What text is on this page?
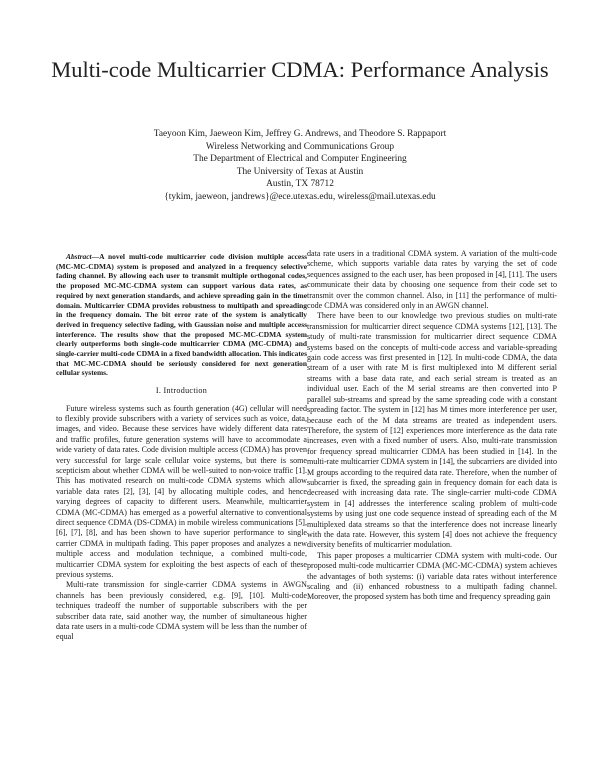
Multi-code Multicarrier CDMA: Performance Analysis
Taeyoon Kim, Jaeweon Kim, Jeffrey G. Andrews, and Theodore S. Rappaport
Wireless Networking and Communications Group
The Department of Electrical and Computer Engineering
The University of Texas at Austin
Austin, TX 78712
{tykim, jaeweon, jandrews}@ece.utexas.edu, wireless@mail.utexas.edu

Abstract—A novel multi-code multicarrier code division multiple access (MC-MC-CDMA) system is proposed and analyzed in a frequency selective fading channel. By allowing each user to transmit multiple orthogonal codes, the proposed MC-MC-CDMA system can support various data rates, as required by next generation standards, and achieve spreading gain in the time domain. Multicarrier CDMA provides robustness to multipath and spreading in the frequency domain. The bit error rate of the system is analytically derived in frequency selective fading, with Gaussian noise and multiple access interference. The results show that the proposed MC-MC-CDMA system clearly outperforms both single-code multicarrier CDMA (MC-CDMA) and single-carrier multi-code CDMA in a fixed bandwidth allocation. This indicates that MC-MC-CDMA should be seriously considered for next generation cellular systems.

I. Introduction

Future wireless systems such as fourth generation (4G) cellular will need to flexibly provide subscribers with a variety of services such as voice, data, images, and video. Because these services have widely different data rates and traffic profiles, future generation systems will have to accommodate a wide variety of data rates. Code division multiple access (CDMA) has proven very successful for large scale cellular voice systems, but there is some scepticism about whether CDMA will be well-suited to non-voice traffic [1]. This has motivated research on multi-code CDMA systems which allow variable data rates [2], [3], [4] by allocating multiple codes, and hence varying degrees of capacity to different users. Meanwhile, multicarrier CDMA (MC-CDMA) has emerged as a powerful alternative to conventional direct sequence CDMA (DS-CDMA) in mobile wireless communications [5], [6], [7], [8], and has been shown to have superior performance to single carrier CDMA in multipath fading. This paper proposes and analyzes a new multiple access and modulation technique, a combined multi-code, multicarrier CDMA system for exploiting the best aspects of each of these previous systems.

Multi-rate transmission for single-carrier CDMA systems in AWGN channels has been previously considered, e.g. [9], [10]. Multi-code techniques tradeoff the number of supportable subscribers with the per subscriber data rate, said another way, the number of simultaneous higher data rate users in a multi-code CDMA system will be less than the number of equal

data rate users in a traditional CDMA system. A variation of the multi-code scheme, which supports variable data rates by varying the set of code sequences assigned to the each user, has been proposed in [4], [11]. The users communicate their data by choosing one sequence from their code set to transmit over the common channel. Also, in [11] the performance of multi-code CDMA was considered only in an AWGN channel.

There have been to our knowledge two previous studies on multi-rate transmission for multicarrier direct sequence CDMA systems [12], [13]. The study of multi-rate transmission for multicarrier direct sequence CDMA systems based on the concepts of multi-code access and variable-spreading gain code access was first presented in [12]. In multi-code CDMA, the data stream of a user with rate M is first multiplexed into M different serial streams with a base data rate, and each serial stream is treated as an individual user. Each of the M serial streams are then converted into P parallel sub-streams and spread by the same spreading code with a constant spreading factor. The system in [12] has M times more interference per user, because each of the M data streams are treated as independent users. Therefore, the system of [12] experiences more interference as the data rate increases, even with a fixed number of users. Also, multi-rate transmission for frequency spread multicarrier CDMA has been studied in [14]. In the multi-rate multicarrier CDMA system in [14], the subcarriers are divided into M groups according to the required data rate. Therefore, when the number of subcarrier is fixed, the spreading gain in frequency domain for each data is decreased with increasing data rate. The single-carrier multi-code CDMA system in [4] addresses the interference scaling problem of multi-code systems by using just one code sequence instead of spreading each of the M multiplexed data streams so that the interference does not increase linearly with the data rate. However, this system [4] does not achieve the frequency diversity benefits of multicarrier modulation.

This paper proposes a multicarrier CDMA system with multi-code. Our proposed multi-code multicarrier CDMA (MC-MC-CDMA) system achieves the advantages of both systems: (i) variable data rates without interference scaling and (ii) enhanced robustness to a multipath fading channel. Moreover, the proposed system has both time and frequency spreading gain
